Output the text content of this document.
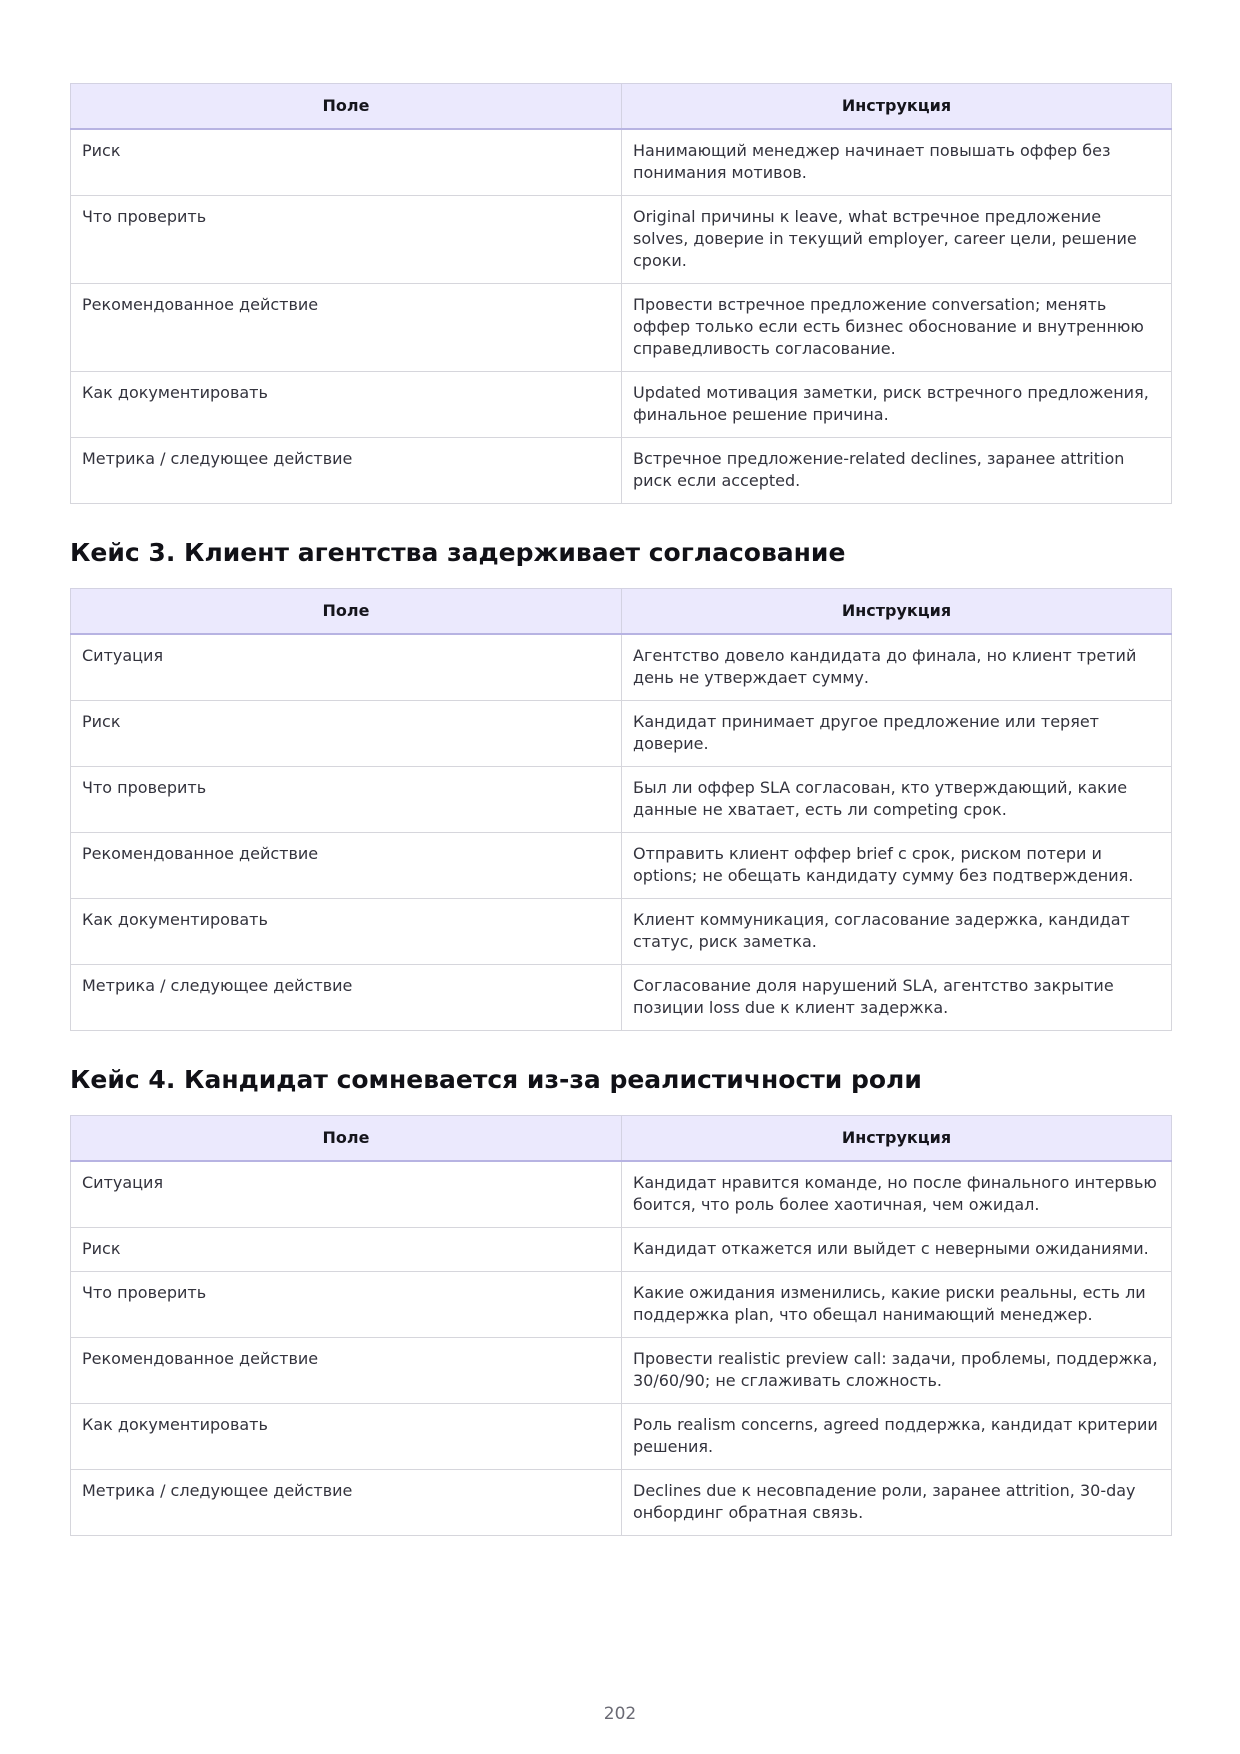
Поле	Инструкция
Риск	Нанимающий менеджер начинает повышать оффер без понимания мотивов.
Что проверить	Original причины к leave, what встречное предложение solves, доверие in текущий employer, career цели, решение сроки.
Рекомендованное действие	Провести встречное предложение conversation; менять оффер только если есть бизнес обоснование и внутреннюю справедливость согласование.
Как документировать	Updated мотивация заметки, риск встречного предложения, финальное решение причина.
Метрика / следующее действие	Встречное предложение-related declines, заранее attrition риск если accepted.
Кейс 3. Клиент агентства задерживает согласование
Поле	Инструкция
Ситуация	Агентство довело кандидата до финала, но клиент третий день не утверждает сумму.
Риск	Кандидат принимает другое предложение или теряет доверие.
Что проверить	Был ли оффер SLA согласован, кто утверждающий, какие данные не хватает, есть ли competing срок.
Рекомендованное действие	Отправить клиент оффер brief с срок, риском потери и options; не обещать кандидату сумму без подтверждения.
Как документировать	Клиент коммуникация, согласование задержка, кандидат статус, риск заметка.
Метрика / следующее действие	Согласование доля нарушений SLA, агентство закрытие позиции loss due к клиент задержка.
Кейс 4. Кандидат сомневается из-за реалистичности роли
Поле	Инструкция
Ситуация	Кандидат нравится команде, но после финального интервью боится, что роль более хаотичная, чем ожидал.
Риск	Кандидат откажется или выйдет с неверными ожиданиями.
Что проверить	Какие ожидания изменились, какие риски реальны, есть ли поддержка plan, что обещал нанимающий менеджер.
Рекомендованное действие	Провести realistic preview call: задачи, проблемы, поддержка, 30/60/90; не сглаживать сложность.
Как документировать	Роль realism concerns, agreed поддержка, кандидат критерии решения.
Метрика / следующее действие	Declines due к несовпадение роли, заранее attrition, 30-day онбординг обратная связь.
202
